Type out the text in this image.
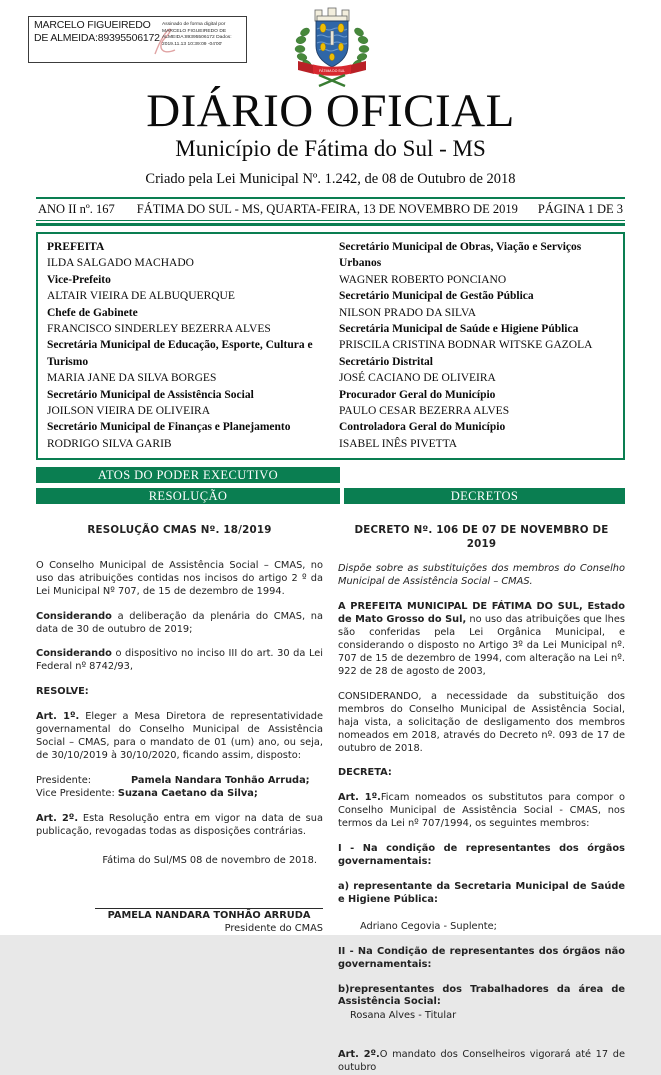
MARCELO FIGUEIREDO DE ALMEIDA:89395506172
Assinado de forma digital por MARCELO FIGUEIREDO DE ALMEIDA:89395506172 Dados: 2019.11.13 10:39:09 -04'00'
FÁTIMA DO SUL
DIÁRIO OFICIAL
Município de Fátima do Sul - MS
Criado pela Lei Municipal Nº. 1.242, de 08 de Outubro de 2018
ANO II nº. 167 FÁTIMA DO SUL - MS, QUARTA-FEIRA, 13 DE NOVEMBRO DE 2019	PÁGINA 1 DE 3
PREFEITA
ILDA SALGADO MACHADO
Vice-Prefeito
ALTAIR VIEIRA DE ALBUQUERQUE
Chefe de Gabinete
FRANCISCO SINDERLEY BEZERRA ALVES
Secretária Municipal de Educação, Esporte, Cultura e Turismo
MARIA JANE DA SILVA BORGES
Secretário Municipal de Assistência Social
JOILSON VIEIRA DE OLIVEIRA
Secretário Municipal de Finanças e Planejamento
RODRIGO SILVA GARIB
Secretário Municipal de Obras, Viação e Serviços Urbanos
WAGNER ROBERTO PONCIANO
Secretário Municipal de Gestão Pública
NILSON PRADO DA SILVA
Secretária Municipal de Saúde e Higiene Pública
PRISCILA CRISTINA BODNAR WITSKE GAZOLA
Secretário Distrital
JOSÉ CACIANO DE OLIVEIRA
Procurador Geral do Município
PAULO CESAR BEZERRA ALVES
Controladora Geral do Município
ISABEL INÊS PIVETTA
ATOS DO PODER EXECUTIVO
RESOLUÇÃO	DECRETOS
RESOLUÇÃO CMAS Nº. 18/2019

O Conselho Municipal de Assistência Social – CMAS, no uso das atribuições contidas nos incisos do artigo 2 º da Lei Municipal Nº 707, de 15 de dezembro de 1994.

Considerando a deliberação da plenária do CMAS, na data de 30 de outubro de 2019;

Considerando o dispositivo no inciso III do art. 30 da Lei Federal nº 8742/93,

RESOLVE:

Art. 1º. Eleger a Mesa Diretora de representatividade governamental do Conselho Municipal de Assistência Social – CMAS, para o mandato de 01 (um) ano, ou seja, de 30/10/2019 à 30/10/2020, ficando assim, disposto:

Presidente:	Pamela Nandara Tonhão Arruda;
Vice Presidente: Suzana Caetano da Silva;

Art. 2º. Esta Resolução entra em vigor na data de sua publicação, revogadas todas as disposições contrárias.

Fátima do Sul/MS 08 de novembro de 2018.
PAMELA NANDARA TONHÃO ARRUDA
Presidente do CMAS
DECRETO Nº. 106 DE 07 DE NOVEMBRO DE 2019

Dispõe sobre as substituições dos membros do Conselho Municipal de Assistência Social – CMAS.

A PREFEITA MUNICIPAL DE FÁTIMA DO SUL, Estado de Mato Grosso do Sul, no uso das atribuições que lhes são conferidas pela Lei Orgânica Municipal, e considerando o disposto no Artigo 3º da Lei Municipal nº. 707 de 15 de dezembro de 1994, com alteração na Lei nº. 922 de 28 de agosto de 2003,

CONSIDERANDO, a necessidade da substituição dos membros do Conselho Municipal de Assistência Social, haja vista, a solicitação de desligamento dos membros nomeados em 2018, através do Decreto nº. 093 de 17 de outubro de 2018.

DECRETA:

Art. 1º.Ficam nomeados os substitutos para compor o Conselho Municipal de Assistência Social - CMAS, nos termos da Lei nº 707/1994, os seguintes membros:

I - Na condição de representantes dos órgãos governamentais:

a) representante da Secretaria Municipal de Saúde e Higiene Pública:

Adriano Cegovia - Suplente;

II - Na Condição de representantes dos órgãos não governamentais:

b)representantes dos Trabalhadores da área de Assistência Social:

Rosana Alves - Titular

Art. 2º.O mandato dos Conselheiros vigorará até 17 de outubro
